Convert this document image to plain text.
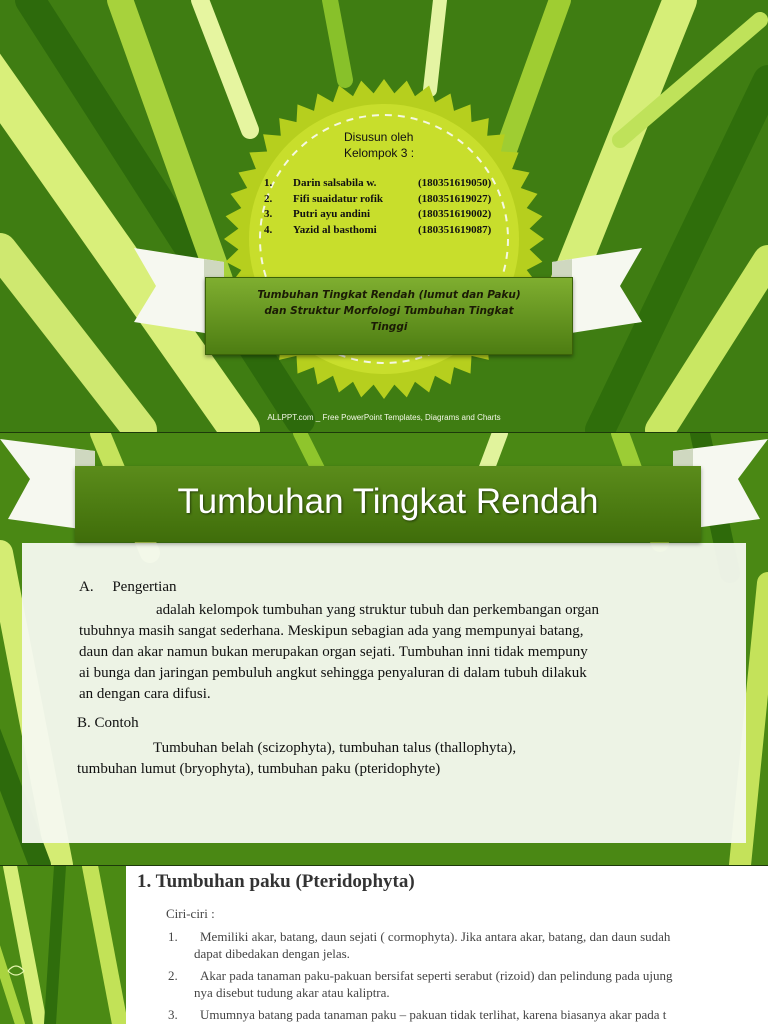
Disusun oleh
Kelompok 3 :
1. Darin salsabila w.	(180351619050)
2. Fifi suaidatur rofik	(180351619027)
3. Putri ayu andini	(180351619002)
4. Yazid al basthomi	(180351619087)
Tumbuhan Tingkat Rendah (lumut dan Paku)
dan Struktur Morfologi Tumbuhan Tingkat
Tinggi
ALLPPT.com _ Free PowerPoint Templates, Diagrams and Charts
Tumbuhan Tingkat Rendah
A.     Pengertian
adalah kelompok tumbuhan yang struktur tubuh dan perkembangan organ
tubuhnya masih sangat sederhana. Meskipun sebagian ada yang mempunyai batang,
daun dan akar namun bukan merupakan organ sejati. Tumbuhan inni tidak mempuny
ai bunga dan jaringan pembuluh angkut sehingga penyaluran di dalam tubuh dilakuk
an dengan cara difusi.
B. Contoh
Tumbuhan belah (scizophyta), tumbuhan talus (thallophyta),
tumbuhan lumut (bryophyta), tumbuhan paku (pteridophyte)
1. Tumbuhan paku (Pteridophyta)
Ciri-ciri :
1. Memiliki akar, batang, daun sejati ( cormophyta). Jika antara akar, batang, dan daun sudah
dapat dibedakan dengan jelas.
2. Akar pada tanaman paku-pakuan bersifat seperti serabut (rizoid) dan pelindung pada ujung
nya disebut tudung akar atau kaliptra.
3. Umumnya batang pada tanaman paku – pakuan tidak terlihat, karena biasanya akar pada t
